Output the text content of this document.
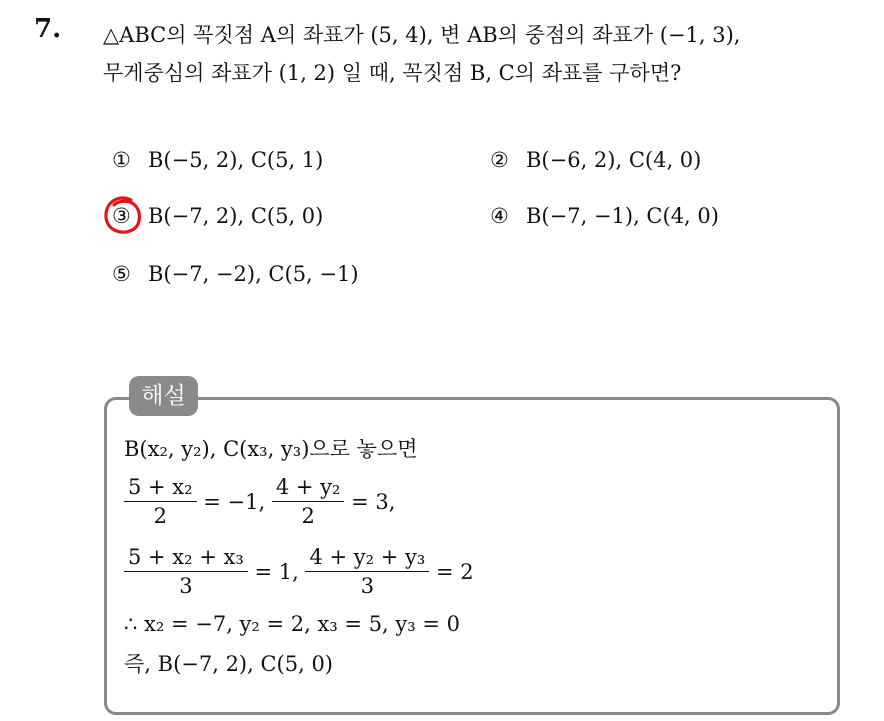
7. △ABC의 꼭짓점 A의 좌표가 (5, 4), 변 AB의 중점의 좌표가 (−1, 3),
무게중심의 좌표가 (1, 2) 일 때, 꼭짓점 B, C의 좌표를 구하면?
① B(−5, 2), C(5, 1)	② B(−6, 2), C(4, 0)
③ B(−7, 2), C(5, 0)	④ B(−7, −1), C(4, 0)
⑤ B(−7, −2), C(5, −1)
해설
B(x₂, y₂), C(x₃, y₃)으로 놓으면
$\frac{\text{5 + x₂}}{2} = -1$, $\frac{\text{4 + y₂}}{2} = 3$,
$\frac{\text{5 + x₂ + x₃}}{3} = 1$, $\frac{\text{4 + y₂ + y₃}}{3} = 2$
∴ x₂ = −7, y₂ = 2, x₃ = 5, y₃ = 0
즉, B(−7, 2), C(5, 0)
